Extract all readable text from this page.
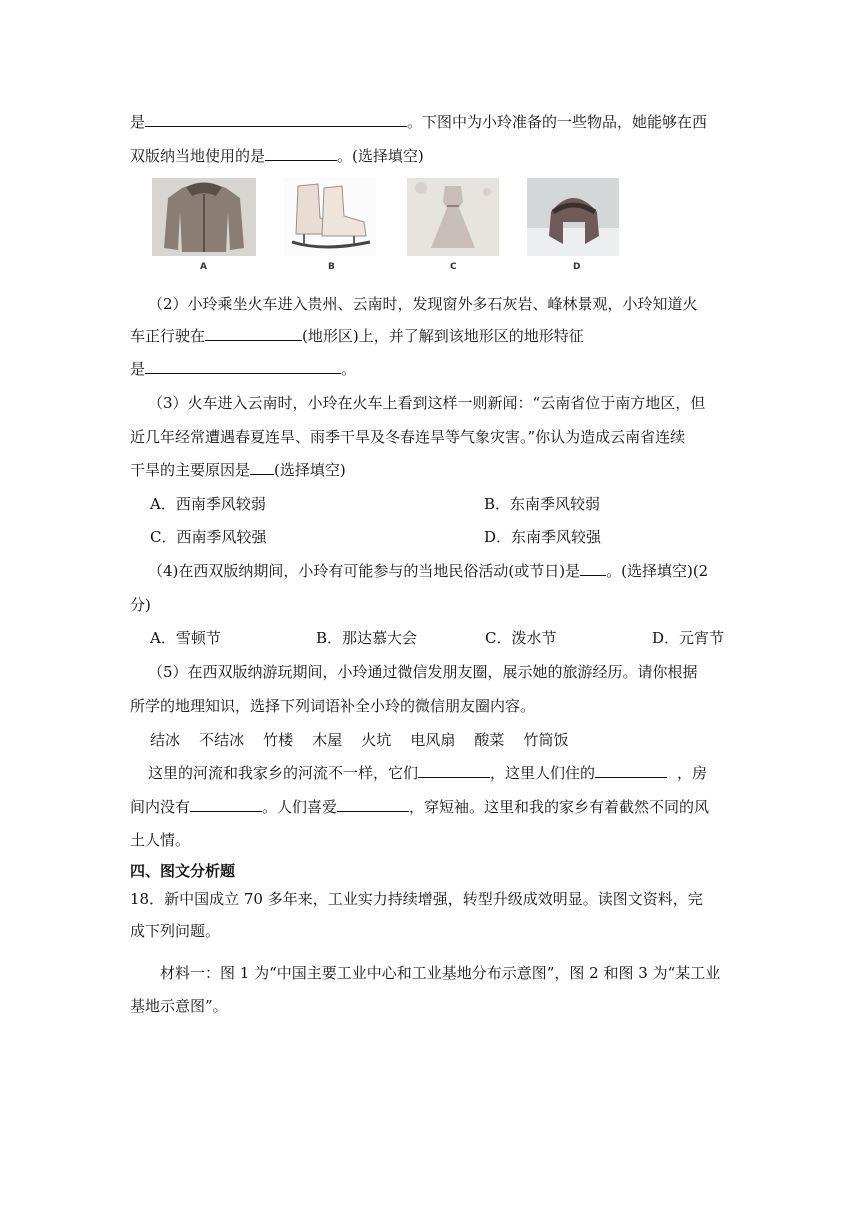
是	。下图中为小玲准备的一些物品，她能够在西
双版纳当地使用的是	。(选择填空)
A	B	C	D
（2）小玲乘坐火车进入贵州、云南时，发现窗外多石灰岩、峰林景观，小玲知道火
车正行驶在	(地形区)上，并了解到该地形区的地形特征
是	。
（3）火车进入云南时，小玲在火车上看到这样一则新闻：“云南省位于南方地区，但
近几年经常遭遇春夏连旱、雨季干旱及冬春连旱等气象灾害。”你认为造成云南省连续
干旱的主要原因是 (选择填空)
A．西南季风较弱	B．东南季风较弱
C．西南季风较强	D．东南季风较强
（4)在西双版纳期间，小玲有可能参与的当地民俗活动(或节日)是 。(选择填空)(2
分)
A．雪顿节	B．那达慕大会	C．泼水节	D．元宵节
（5）在西双版纳游玩期间，小玲通过微信发朋友圈，展示她的旅游经历。请你根据
所学的地理知识，选择下列词语补全小玲的微信朋友圈内容。
结冰    不结冰    竹楼    木屋    火坑    电风扇    酸菜    竹筒饭
这里的河流和我家乡的河流不一样，它们	，这里人们住的	，房
间内没有	。人们喜爱	，穿短袖。这里和我的家乡有着截然不同的风
土人情。
四、图文分析题
18．新中国成立 70 多年来，工业实力持续增强，转型升级成效明显。读图文资料，完
成下列问题。
材料一：图 1 为“中国主要工业中心和工业基地分布示意图”，图 2 和图 3 为“某工业
基地示意图”。
